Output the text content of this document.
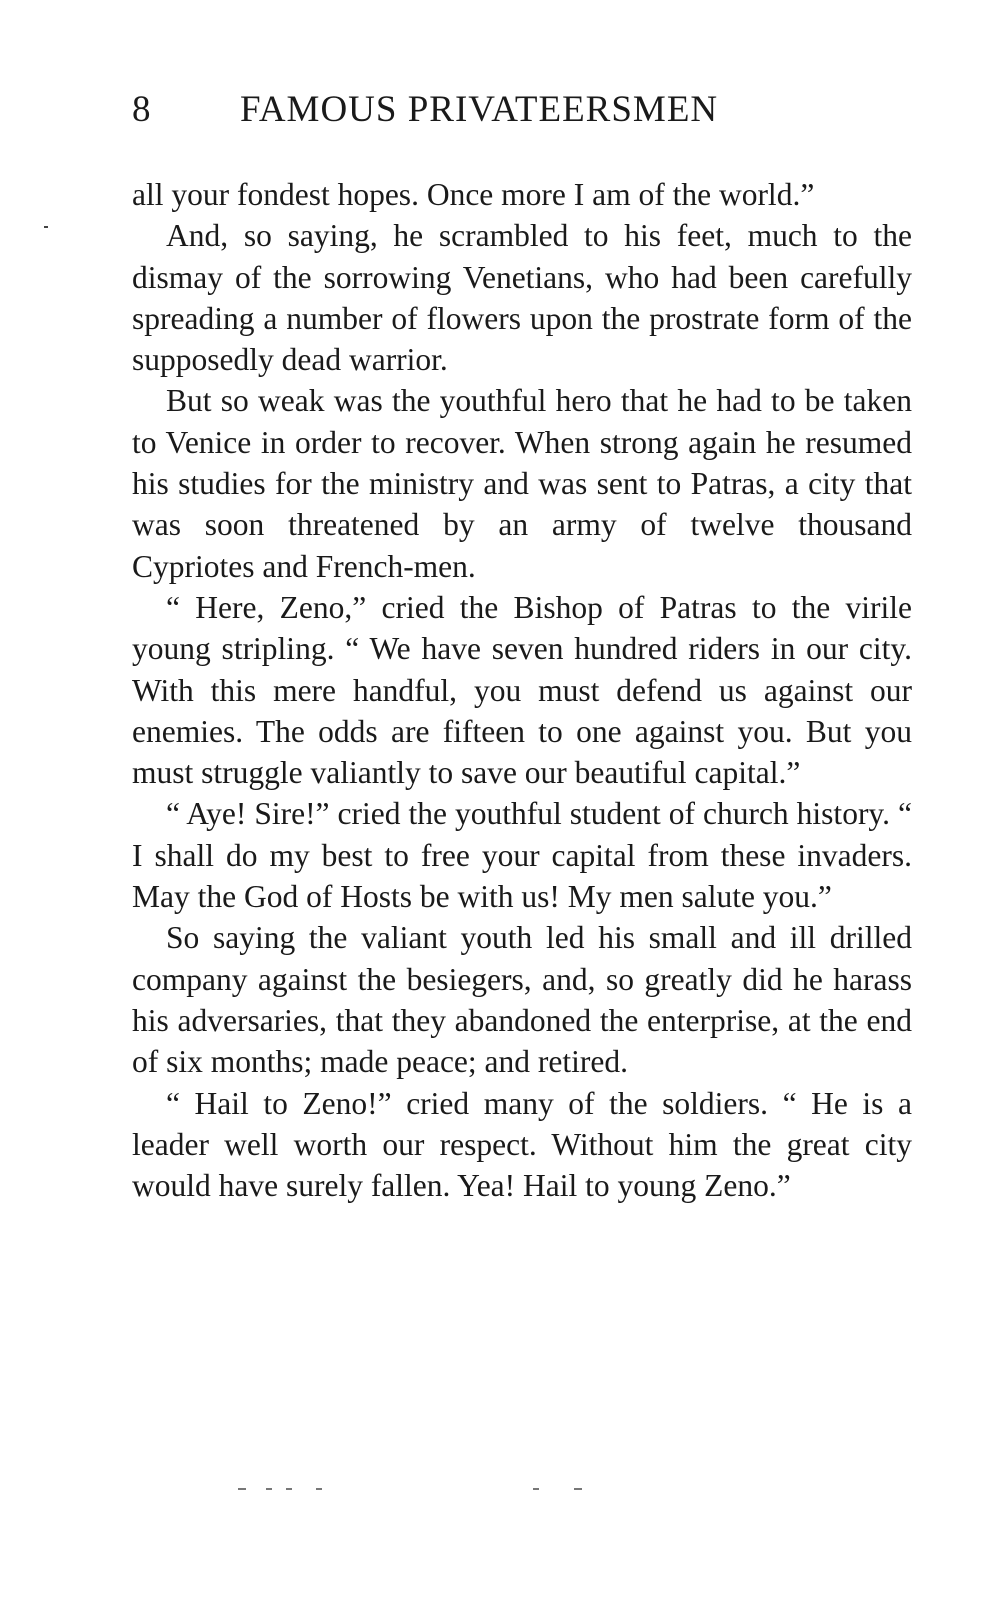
8 FAMOUS PRIVATEERSMEN

all your fondest hopes. Once more I am of the world.”

And, so saying, he scrambled to his feet, much to the dismay of the sorrowing Venetians, who had been carefully spreading a number of flowers upon the prostrate form of the supposedly dead warrior.

But so weak was the youthful hero that he had to be taken to Venice in order to recover. When strong again he resumed his studies for the ministry and was sent to Patras, a city that was soon threatened by an army of twelve thousand Cypriotes and French-men.

“ Here, Zeno,” cried the Bishop of Patras to the virile young stripling. “ We have seven hundred riders in our city. With this mere handful, you must defend us against our enemies. The odds are fifteen to one against you. But you must struggle valiantly to save our beautiful capital.”

“ Aye! Sire!” cried the youthful student of church history. “ I shall do my best to free your capital from these invaders. May the God of Hosts be with us! My men salute you.”

So saying the valiant youth led his small and ill drilled company against the besiegers, and, so greatly did he harass his adversaries, that they abandoned the enterprise, at the end of six months; made peace; and retired.

“ Hail to Zeno!” cried many of the soldiers. “ He is a leader well worth our respect. Without him the great city would have surely fallen. Yea! Hail to young Zeno.”
